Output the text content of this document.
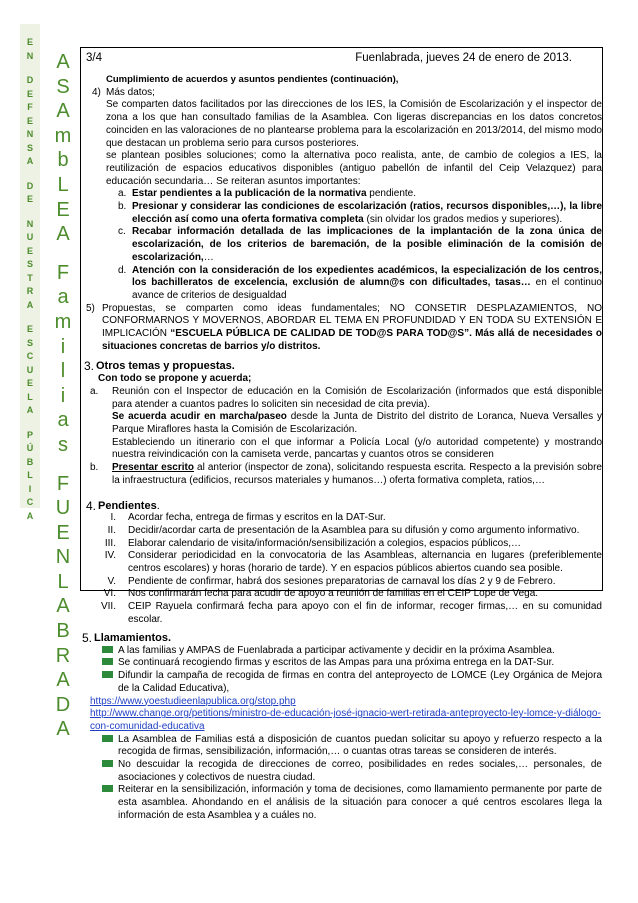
E
N
D
E
F
E
N
S
A
D
E
N
U
E
S
T
R
A
E
S
C
U
E
L
A
P
Ú
B
L
I
C
A
A
S
A
m
b
L
E
A
F
a
m
i
l
i
a
s
F
U
E
N
L
A
B
R
A
D
A
3/4	Fuenlabrada, jueves 24 de enero de 2013.

Cumplimiento de acuerdos y asuntos pendientes (continuación),

4) Más datos;

Se comparten datos facilitados por las direcciones de los IES, la Comisión de Escolarización y el inspector de zona a los que han consultado familias de la Asamblea. Con ligeras discrepancias en los datos concretos coinciden en las valoraciones de no plantearse problema para la escolarización en 2013/2014, del mismo modo que destacan un problema serio para cursos posteriores.

se plantean posibles soluciones; como la alternativa poco realista, ante, de cambio de colegios a IES, la reutilización de espacios educativos disponibles (antiguo pabellón de infantil del Ceip Velazquez) para educación secundaria… Se reiteran asuntos importantes:

a. Estar pendientes a la publicación de la normativa pendiente.
b. Presionar y considerar las condiciones de escolarización (ratios, recursos disponibles,…), la libre elección así como una oferta formativa completa (sin olvidar los grados medios y superiores).
c. Recabar información detallada de las implicaciones de la implantación de la zona única de escolarización, de los criterios de baremación, de la posible eliminación de la comisión de escolarización,…
d. Atención con la consideración de los expedientes académicos, la especialización de los centros, los bachilleratos de excelencia, exclusión de alumn@s con dificultades, tasas… en el continuo avance de criterios de desigualdad
5) Propuestas, se comparten como ideas fundamentales; NO CONSETIR DESPLAZAMIENTOS, NO CONFORMARNOS Y MOVERNOS, ABORDAR EL TEMA EN PROFUNDIDAD Y EN TODA SU EXTENSIÓN E IMPLICACIÓN “ESCUELA PÚBLICA DE CALIDAD DE TOD@S PARA TOD@S”. Más allá de necesidades o situaciones concretas de barrios y/o distritos.
3. Otros temas y propuestas.

Con todo se propone y acuerda;

a.	Reunión con el Inspector de educación en la Comisión de Escolarización (informados que está disponible para atender a cuantos padres lo soliciten sin necesidad de cita previa).
Se acuerda acudir en marcha/paseo desde la Junta de Distrito del distrito de Loranca, Nueva Versalles y Parque Miraflores hasta la Comisión de Escolarización.
Estableciendo un itinerario con el que informar a Policía Local (y/o autoridad competente) y mostrando nuestra reivindicación con la camiseta verde, pancartas y cuantos otros se consideren
b.	Presentar escrito al anterior (inspector de zona), solicitando respuesta escrita. Respecto a la previsión sobre la infraestructura (edificios, recursos materiales y humanos…) oferta formativa completa, ratios,…
4. Pendientes .
I.	Acordar fecha, entrega de firmas y escritos en la DAT-Sur.
II.	Decidir/acordar carta de presentación de la Asamblea para su difusión y como argumento informativo.
III.	Elaborar calendario de visita/información/sensibilización a colegios, espacios públicos,…
IV.	Considerar periodicidad en la convocatoria de las Asambleas, alternancia en lugares (preferiblemente centros escolares) y horas (horario de tarde). Y en espacios públicos abiertos cuando sea posible.
V.	Pendiente de confirmar, habrá dos sesiones preparatorias de carnaval los días 2 y 9 de Febrero.
VI.	Nos confirmarán fecha para acudir de apoyo a reunión de familias en el CEIP Lope de Vega.
VII.	CEIP Rayuela confirmará fecha para apoyo con el fin de informar, recoger firmas,… en su comunidad escolar.
5. Llamamientos.
A las familias y AMPAS de Fuenlabrada a participar activamente y decidir en la próxima Asamblea.
Se continuará recogiendo firmas y escritos de las Ampas para una próxima entrega en la DAT-Sur.
Difundir la campaña de recogida de firmas en contra del anteproyecto de LOMCE (Ley Orgánica de Mejora de la Calidad Educativa),

https://www.yoestudieenlapublica.org/stop.php

http://www.change.org/petitions/ministro-de-educación-josé-ignacio-wert-retirada-anteproyecto-ley-lomce-y-diálogo-con-comunidad-educativa

La Asamblea de Familias está a disposición de cuantos puedan solicitar su apoyo y refuerzo respecto a la recogida de firmas, sensibilización, información,… o cuantas otras tareas se consideren de interés.
No descuidar la recogida de direcciones de correo, posibilidades en redes sociales,… personales, de asociaciones y colectivos de nuestra ciudad.
Reiterar en la sensibilización, información y toma de decisiones, como llamamiento permanente por parte de esta asamblea. Ahondando en el análisis de la situación para conocer a qué centros escolares llega la información de esta Asamblea y a cuáles no.
